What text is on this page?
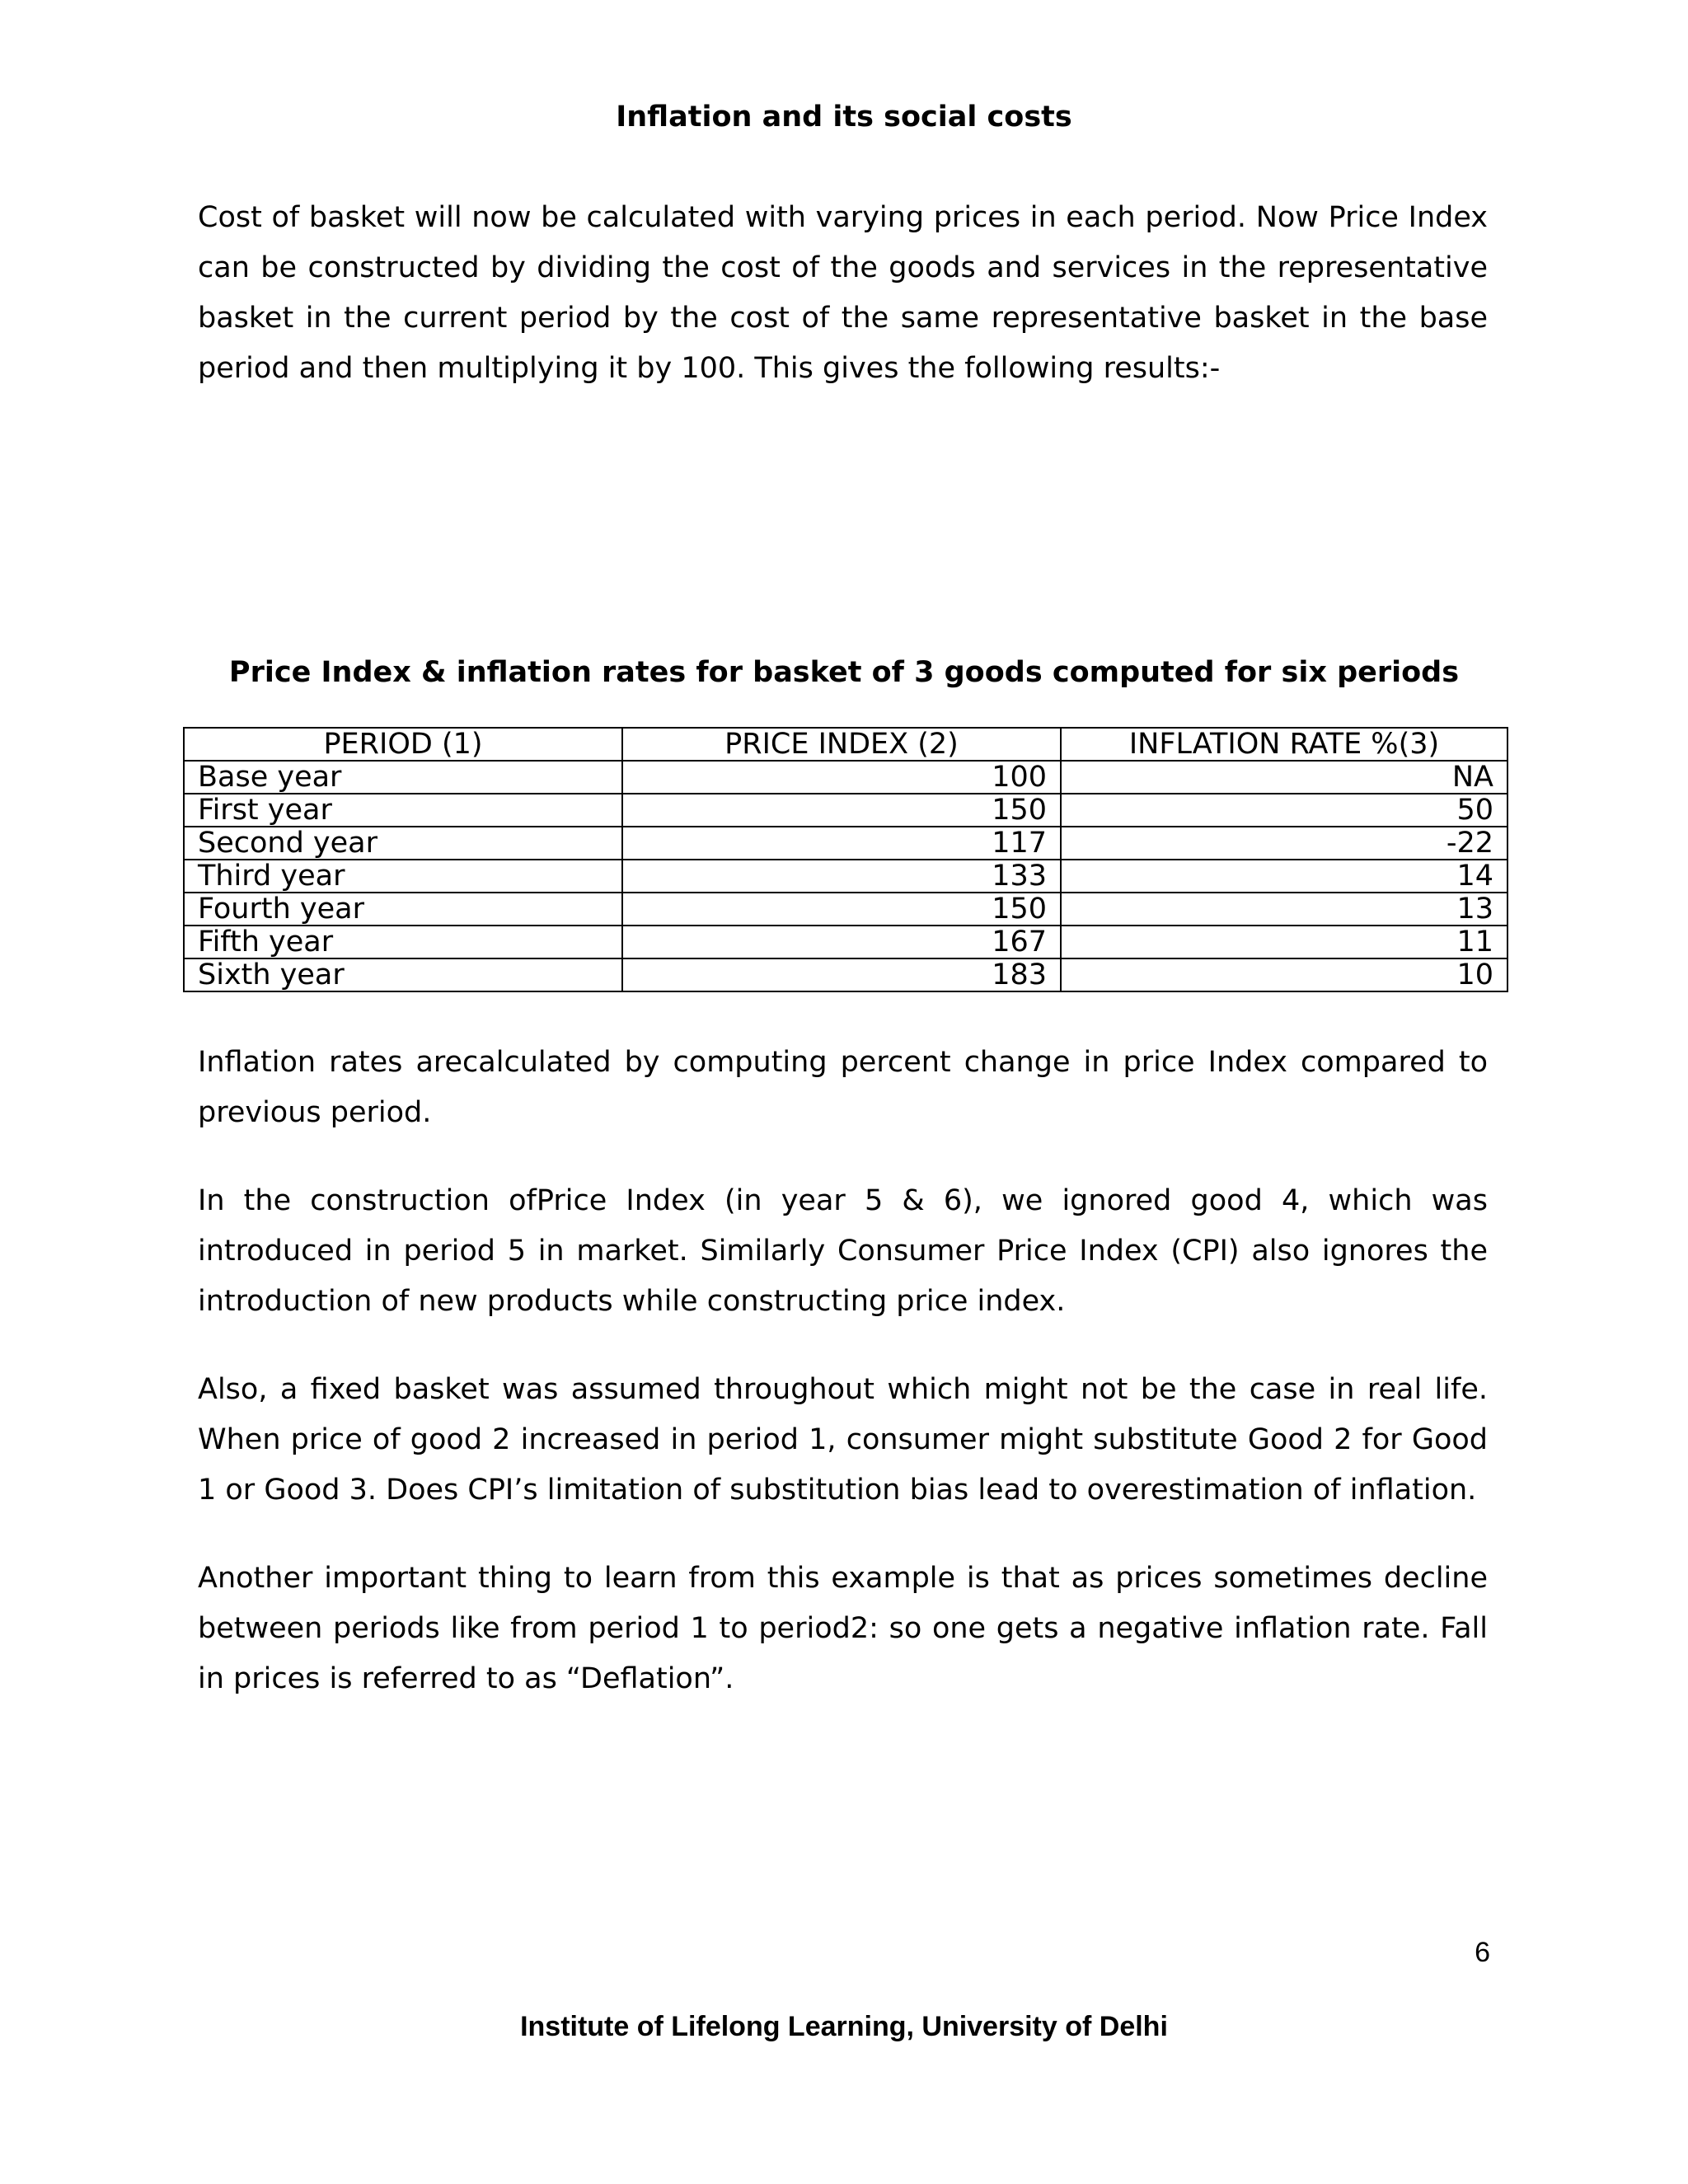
Inflation and its social costs
Cost of basket will now be calculated with varying prices in each period. Now Price Index can be constructed by dividing the cost of the goods and services in the representative basket in the current period by the cost of the same representative basket in the base period and then multiplying it by 100. This gives the following results:-
Price Index & inflation rates for basket of 3 goods computed for six periods
PERIOD (1)	PRICE INDEX (2)	INFLATION RATE %(3)
Base year	100	NA
First year	150	50
Second year	117	-22
Third year	133	14
Fourth year	150	13
Fifth year	167	11
Sixth year	183	10
Inflation rates arecalculated by computing percent change in price Index compared to previous period.
In the construction ofPrice Index (in year 5 & 6), we ignored good 4, which was introduced in period 5 in market. Similarly Consumer Price Index (CPI) also ignores the introduction of new products while constructing price index.
Also, a fixed basket was assumed throughout which might not be the case in real life. When price of good 2 increased in period 1, consumer might substitute Good 2 for Good 1 or Good 3. Does CPI’s limitation of substitution bias lead to overestimation of inflation.
Another important thing to learn from this example is that as prices sometimes decline between periods like from period 1 to period2: so one gets a negative inflation rate. Fall in prices is referred to as “Deflation”.
6
Institute of Lifelong Learning, University of Delhi
